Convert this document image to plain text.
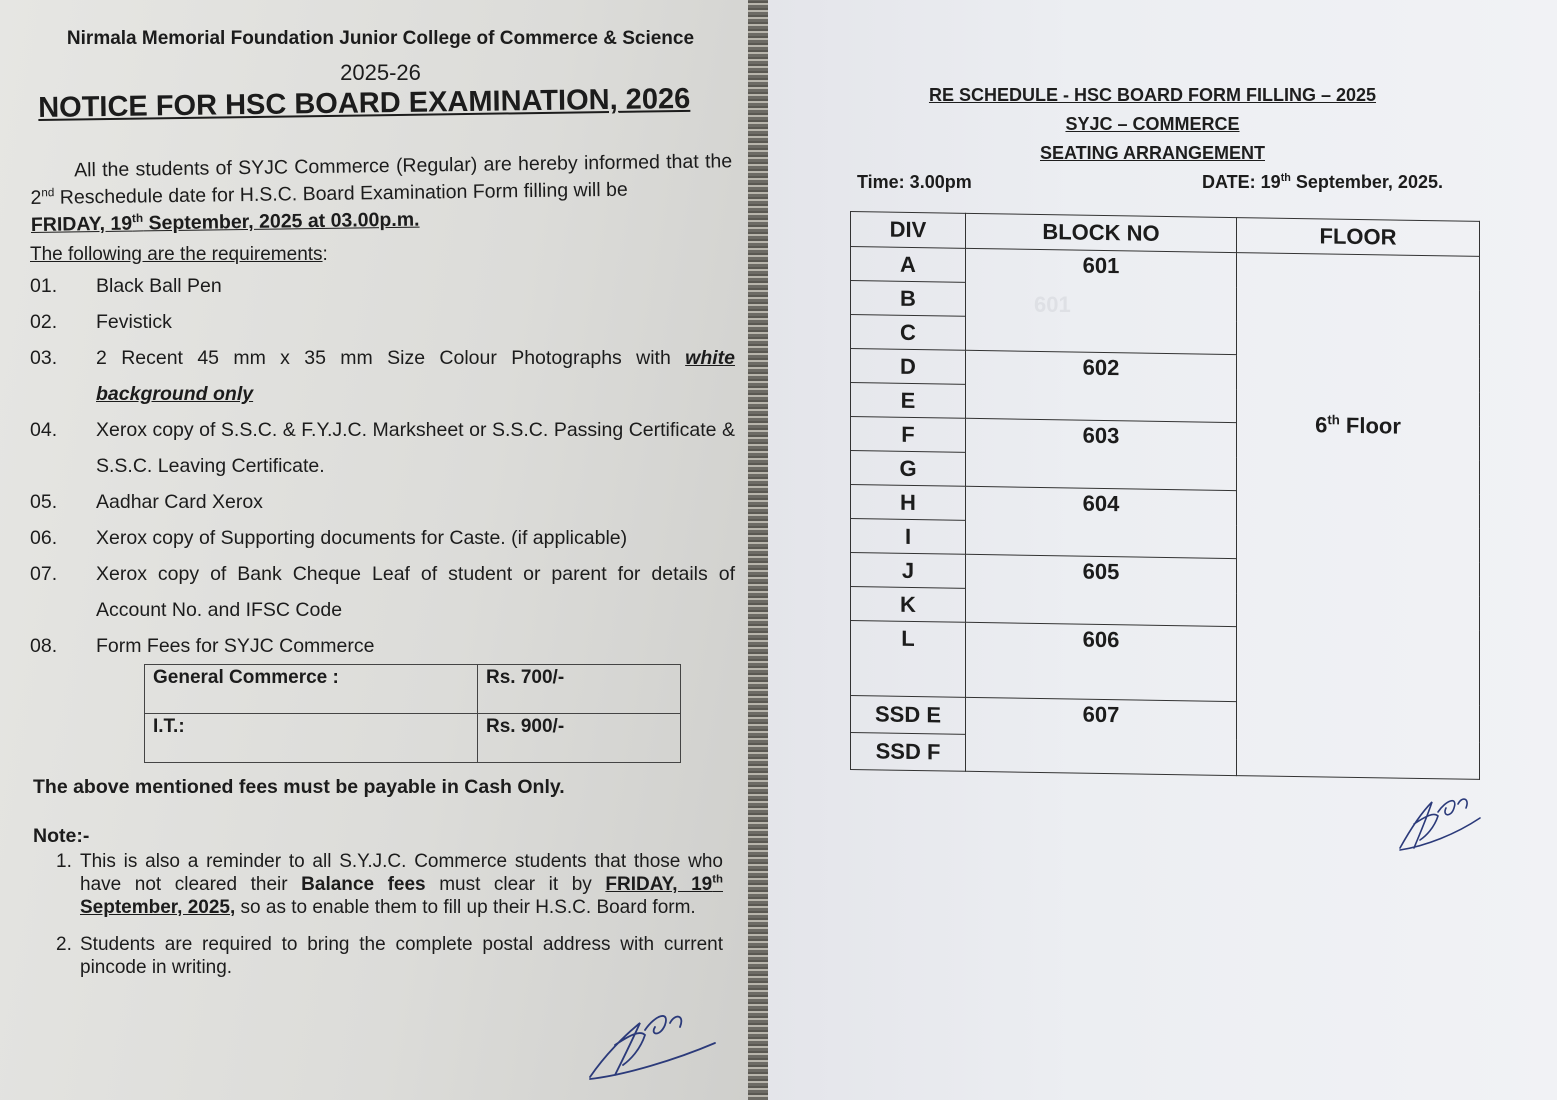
Nirmala Memorial Foundation Junior College of Commerce & Science
2025-26
NOTICE FOR HSC BOARD EXAMINATION, 2026

All the students of SYJC Commerce (Regular) are hereby informed that the 2nd Reschedule date for H.S.C. Board Examination Form filling will be
FRIDAY, 19th September, 2025 at 03.00p.m.

The following are the requirements:
01.	Black Ball Pen
02.	Fevistick
03.	2 Recent 45 mm x 35 mm Size Colour Photographs with white background only
04.	Xerox copy of S.S.C. & F.Y.J.C. Marksheet or S.S.C. Passing Certificate & S.S.C. Leaving Certificate.
05.	Aadhar Card Xerox
06.	Xerox copy of Supporting documents for Caste. (if applicable)
07.	Xerox copy of Bank Cheque Leaf of student or parent for details of Account No. and IFSC Code
08.	Form Fees for SYJC Commerce
General Commerce :	Rs. 700/-
I.T.:	Rs. 900/-
The above mentioned fees must be payable in Cash Only.
Note:-
1. This is also a reminder to all S.Y.J.C. Commerce students that those who have not cleared their Balance fees must clear it by FRIDAY, 19th September, 2025, so as to enable them to fill up their H.S.C. Board form.
2. Students are required to bring the complete postal address with current pincode in writing.
RE SCHEDULE - HSC BOARD FORM FILLING – 2025
SYJC – COMMERCE
SEATING ARRANGEMENT
Time: 3.00pm	DATE: 19th September, 2025.
601
DIV	BLOCK NO	FLOOR
A	601	6th Floor
B		
C		
D	602	
E		
F	603	
G		
H	604	
I		
J	605	
K		
L	606	
SSD E	607	
SSD F		
